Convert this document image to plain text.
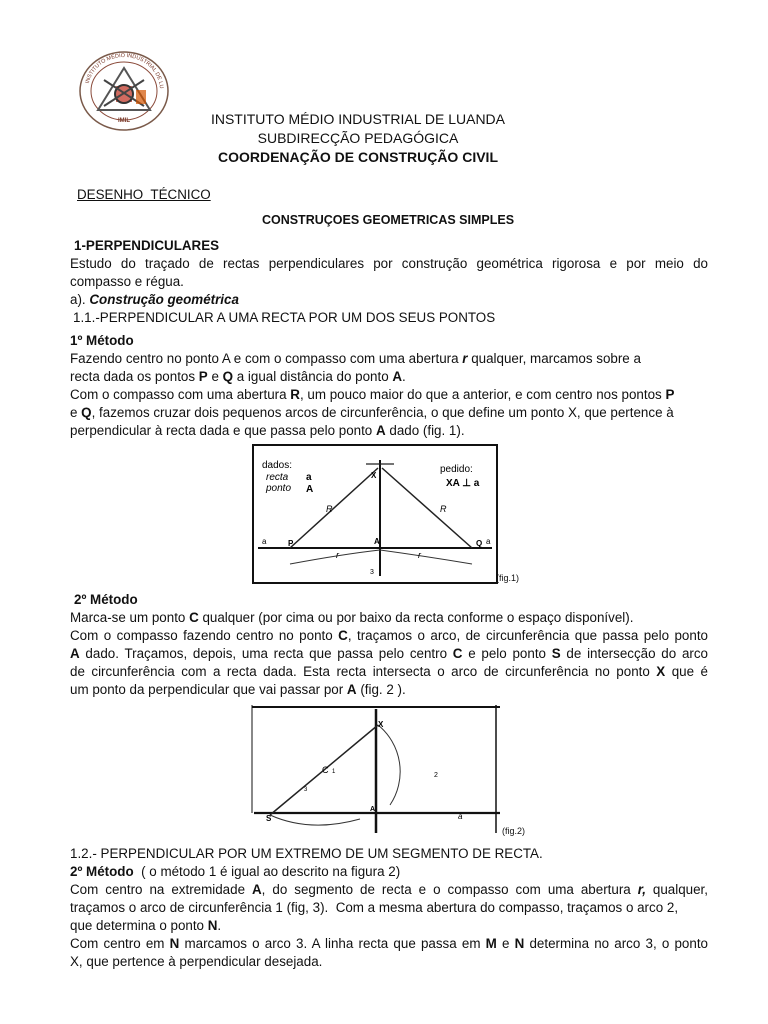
INSTITUTO MÉDIO INDUSTRIAL DE LU
IMIL	INSTITUTO MÉDIO INDUSTRIAL DE LUANDA
SUBDIRECÇÃO PEDAGÓGICA
COORDENAÇÃO DE CONSTRUÇÃO CIVIL
DESENHO  TÉCNICO
CONSTRUÇOES GEOMETRICAS SIMPLES
1-PERPENDICULARES
Estudo do traçado de rectas perpendiculares por construção geométrica rigorosa e por meio do
compasso e régua.
a). Construção geométrica
1.1.-PERPENDICULAR A UMA RECTA POR UM DOS SEUS PONTOS
1º Método
Fazendo centro no ponto A e com o compasso com uma abertura r qualquer, marcamos sobre a
recta dada os pontos P e Q a igual distância do ponto A.
Com o compasso com uma abertura R, um pouco maior do que a anterior, e com centro nos pontos P
e Q, fazemos cruzar dois pequenos arcos de circunferência, o que define um ponto X, que pertence à
perpendicular à recta dada e que passa pelo ponto A dado (fig. 1).
dados:
recta
ponto
a
A
pedido:
XA ⊥ a
X
A
P	Q
R	R
r	r
a	a
3
(fig.1)
2º Método
Marca-se um ponto C qualquer (por cima ou por baixo da recta conforme o espaço disponível).
Com o compasso fazendo centro no ponto C, traçamos o arco, de circunferência que passa pelo ponto
A dado. Traçamos, depois, uma recta que passa pelo centro C e pelo ponto S de intersecção do arco
de circunferência com a recta dada. Esta recta intersecta o arco de circunferência no ponto X que é
um ponto da perpendicular que vai passar por A (fig. 2 ).
X
C
A
S	a
1	2
3
(fig.2)
1.2.- PERPENDICULAR POR UM EXTREMO DE UM SEGMENTO DE RECTA.
2º Método  ( o método 1 é igual ao descrito na figura 2)
Com centro na extremidade A, do segmento de recta e o compasso com uma abertura r, qualquer,
traçamos o arco de circunferência 1 (fig, 3).  Com a mesma abertura do compasso, traçamos o arco 2,
que determina o ponto N.
Com centro em N marcamos o arco 3. A linha recta que passa em M e N determina no arco 3, o ponto
X, que pertence à perpendicular desejada.
